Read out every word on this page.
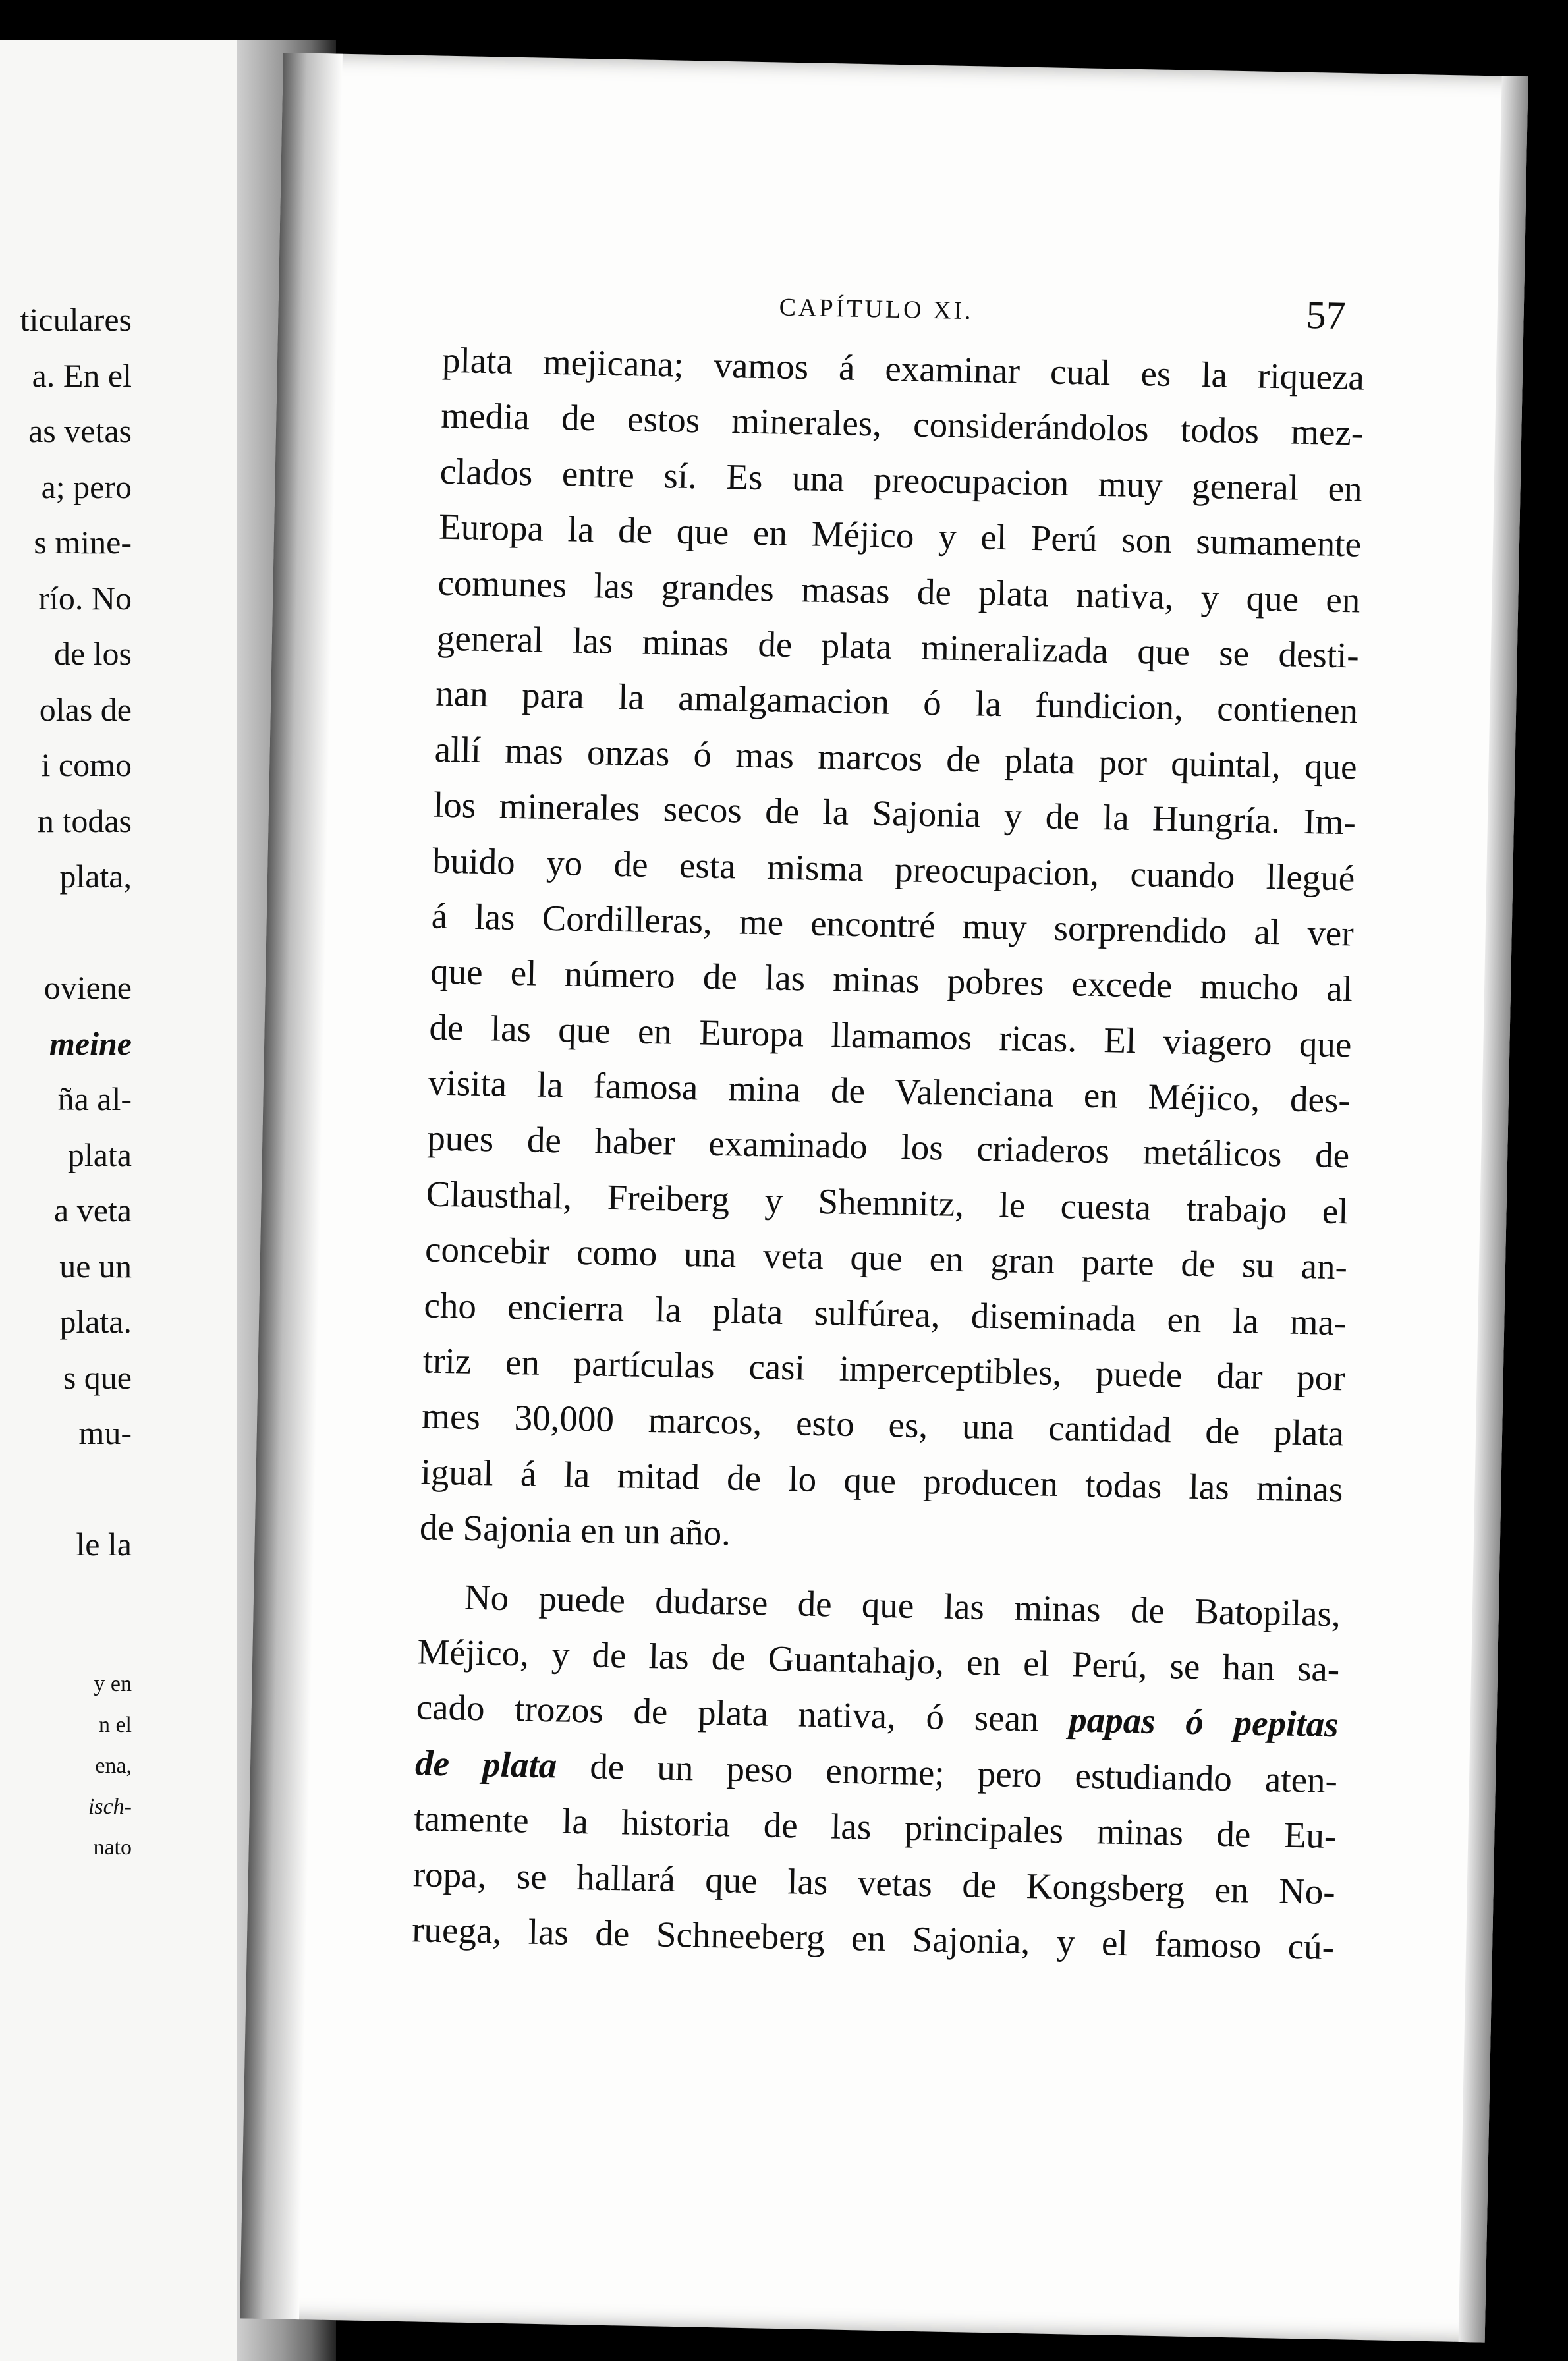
ticulares
a. En el
as vetas
a; pero
s mine-
río. No
de los
olas de
i como
n todas
plata,
oviene
meine
ña al-
plata
a veta
ue un
plata.
s que
mu-
le la
y en
n el
ena,
isch-
nato
CAPÍTULO XI.	57
plata mejicana; vamos á examinar cual es la riqueza
media de estos minerales, considerándolos todos mez-
clados entre sí. Es una preocupacion muy general en
Europa la de que en Méjico y el Perú son sumamente
comunes las grandes masas de plata nativa, y que en
general las minas de plata mineralizada que se desti-
nan para la amalgamacion ó la fundicion, contienen
allí mas onzas ó mas marcos de plata por quintal, que
los minerales secos de la Sajonia y de la Hungría. Im-
buido yo de esta misma preocupacion, cuando llegué
á las Cordilleras, me encontré muy sorprendido al ver
que el número de las minas pobres excede mucho al
de las que en Europa llamamos ricas. El viagero que
visita la famosa mina de Valenciana en Méjico, des-
pues de haber examinado los criaderos metálicos de
Clausthal, Freiberg y Shemnitz, le cuesta trabajo el
concebir como una veta que en gran parte de su an-
cho encierra la plata sulfúrea, diseminada en la ma-
triz en partículas casi imperceptibles, puede dar por
mes 30,000 marcos, esto es, una cantidad de plata
igual á la mitad de lo que producen todas las minas
de Sajonia en un año.
No puede dudarse de que las minas de Batopilas,
Méjico, y de las de Guantahajo, en el Perú, se han sa-
cado trozos de plata nativa, ó sean papas ó pepitas
de plata de un peso enorme; pero estudiando aten-
tamente la historia de las principales minas de Eu-
ropa, se hallará que las vetas de Kongsberg en No-
ruega, las de Schneeberg en Sajonia, y el famoso cú-
